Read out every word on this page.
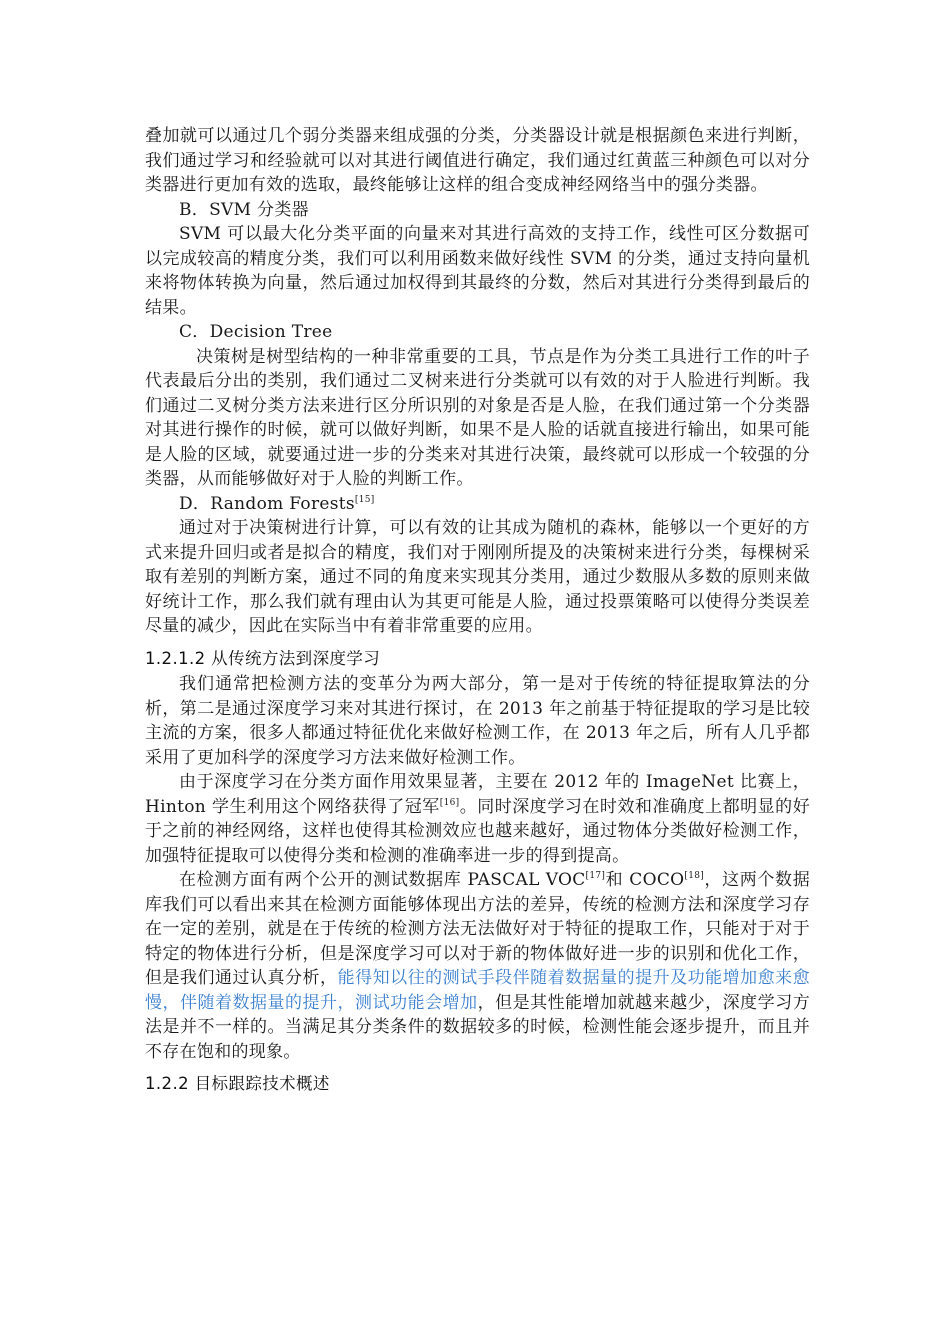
叠加就可以通过几个弱分类器来组成强的分类，分类器设计就是根据颜色来进行判断，我们通过学习和经验就可以对其进行阈值进行确定，我们通过红黄蓝三种颜色可以对分类器进行更加有效的选取，最终能够让这样的组合变成神经网络当中的强分类器。

B．SVM 分类器

SVM 可以最大化分类平面的向量来对其进行高效的支持工作，线性可区分数据可以完成较高的精度分类，我们可以利用函数来做好线性 SVM 的分类，通过支持向量机来将物体转换为向量，然后通过加权得到其最终的分数，然后对其进行分类得到最后的结果。

C．Decision Tree

决策树是树型结构的一种非常重要的工具，节点是作为分类工具进行工作的叶子代表最后分出的类别，我们通过二叉树来进行分类就可以有效的对于人脸进行判断。我们通过二叉树分类方法来进行区分所识别的对象是否是人脸，在我们通过第一个分类器对其进行操作的时候，就可以做好判断，如果不是人脸的话就直接进行输出，如果可能是人脸的区域，就要通过进一步的分类来对其进行决策，最终就可以形成一个较强的分类器，从而能够做好对于人脸的判断工作。

D．Random Forests[15]

通过对于决策树进行计算，可以有效的让其成为随机的森林，能够以一个更好的方式来提升回归或者是拟合的精度，我们对于刚刚所提及的决策树来进行分类，每棵树采取有差别的判断方案，通过不同的角度来实现其分类用，通过少数服从多数的原则来做好统计工作，那么我们就有理由认为其更可能是人脸，通过投票策略可以使得分类误差尽量的减少，因此在实际当中有着非常重要的应用。

1.2.1.2 从传统方法到深度学习

我们通常把检测方法的变革分为两大部分，第一是对于传统的特征提取算法的分析，第二是通过深度学习来对其进行探讨，在 2013 年之前基于特征提取的学习是比较主流的方案，很多人都通过特征优化来做好检测工作，在 2013 年之后，所有人几乎都采用了更加科学的深度学习方法来做好检测工作。

由于深度学习在分类方面作用效果显著，主要在 2012 年的 ImageNet 比赛上，Hinton 学生利用这个网络获得了冠军[16]。同时深度学习在时效和准确度上都明显的好于之前的神经网络，这样也使得其检测效应也越来越好，通过物体分类做好检测工作，加强特征提取可以使得分类和检测的准确率进一步的得到提高。

在检测方面有两个公开的测试数据库 PASCAL VOC[17]和 COCO[18]，这两个数据库我们可以看出来其在检测方面能够体现出方法的差异，传统的检测方法和深度学习存在一定的差别，就是在于传统的检测方法无法做好对于特征的提取工作，只能对于对于特定的物体进行分析，但是深度学习可以对于新的物体做好进一步的识别和优化工作，但是我们通过认真分析，能得知以往的测试手段伴随着数据量的提升及功能增加愈来愈慢，伴随着数据量的提升，测试功能会增加，但是其性能增加就越来越少，深度学习方法是并不一样的。当满足其分类条件的数据较多的时候，检测性能会逐步提升，而且并不存在饱和的现象。

1.2.2 目标跟踪技术概述
